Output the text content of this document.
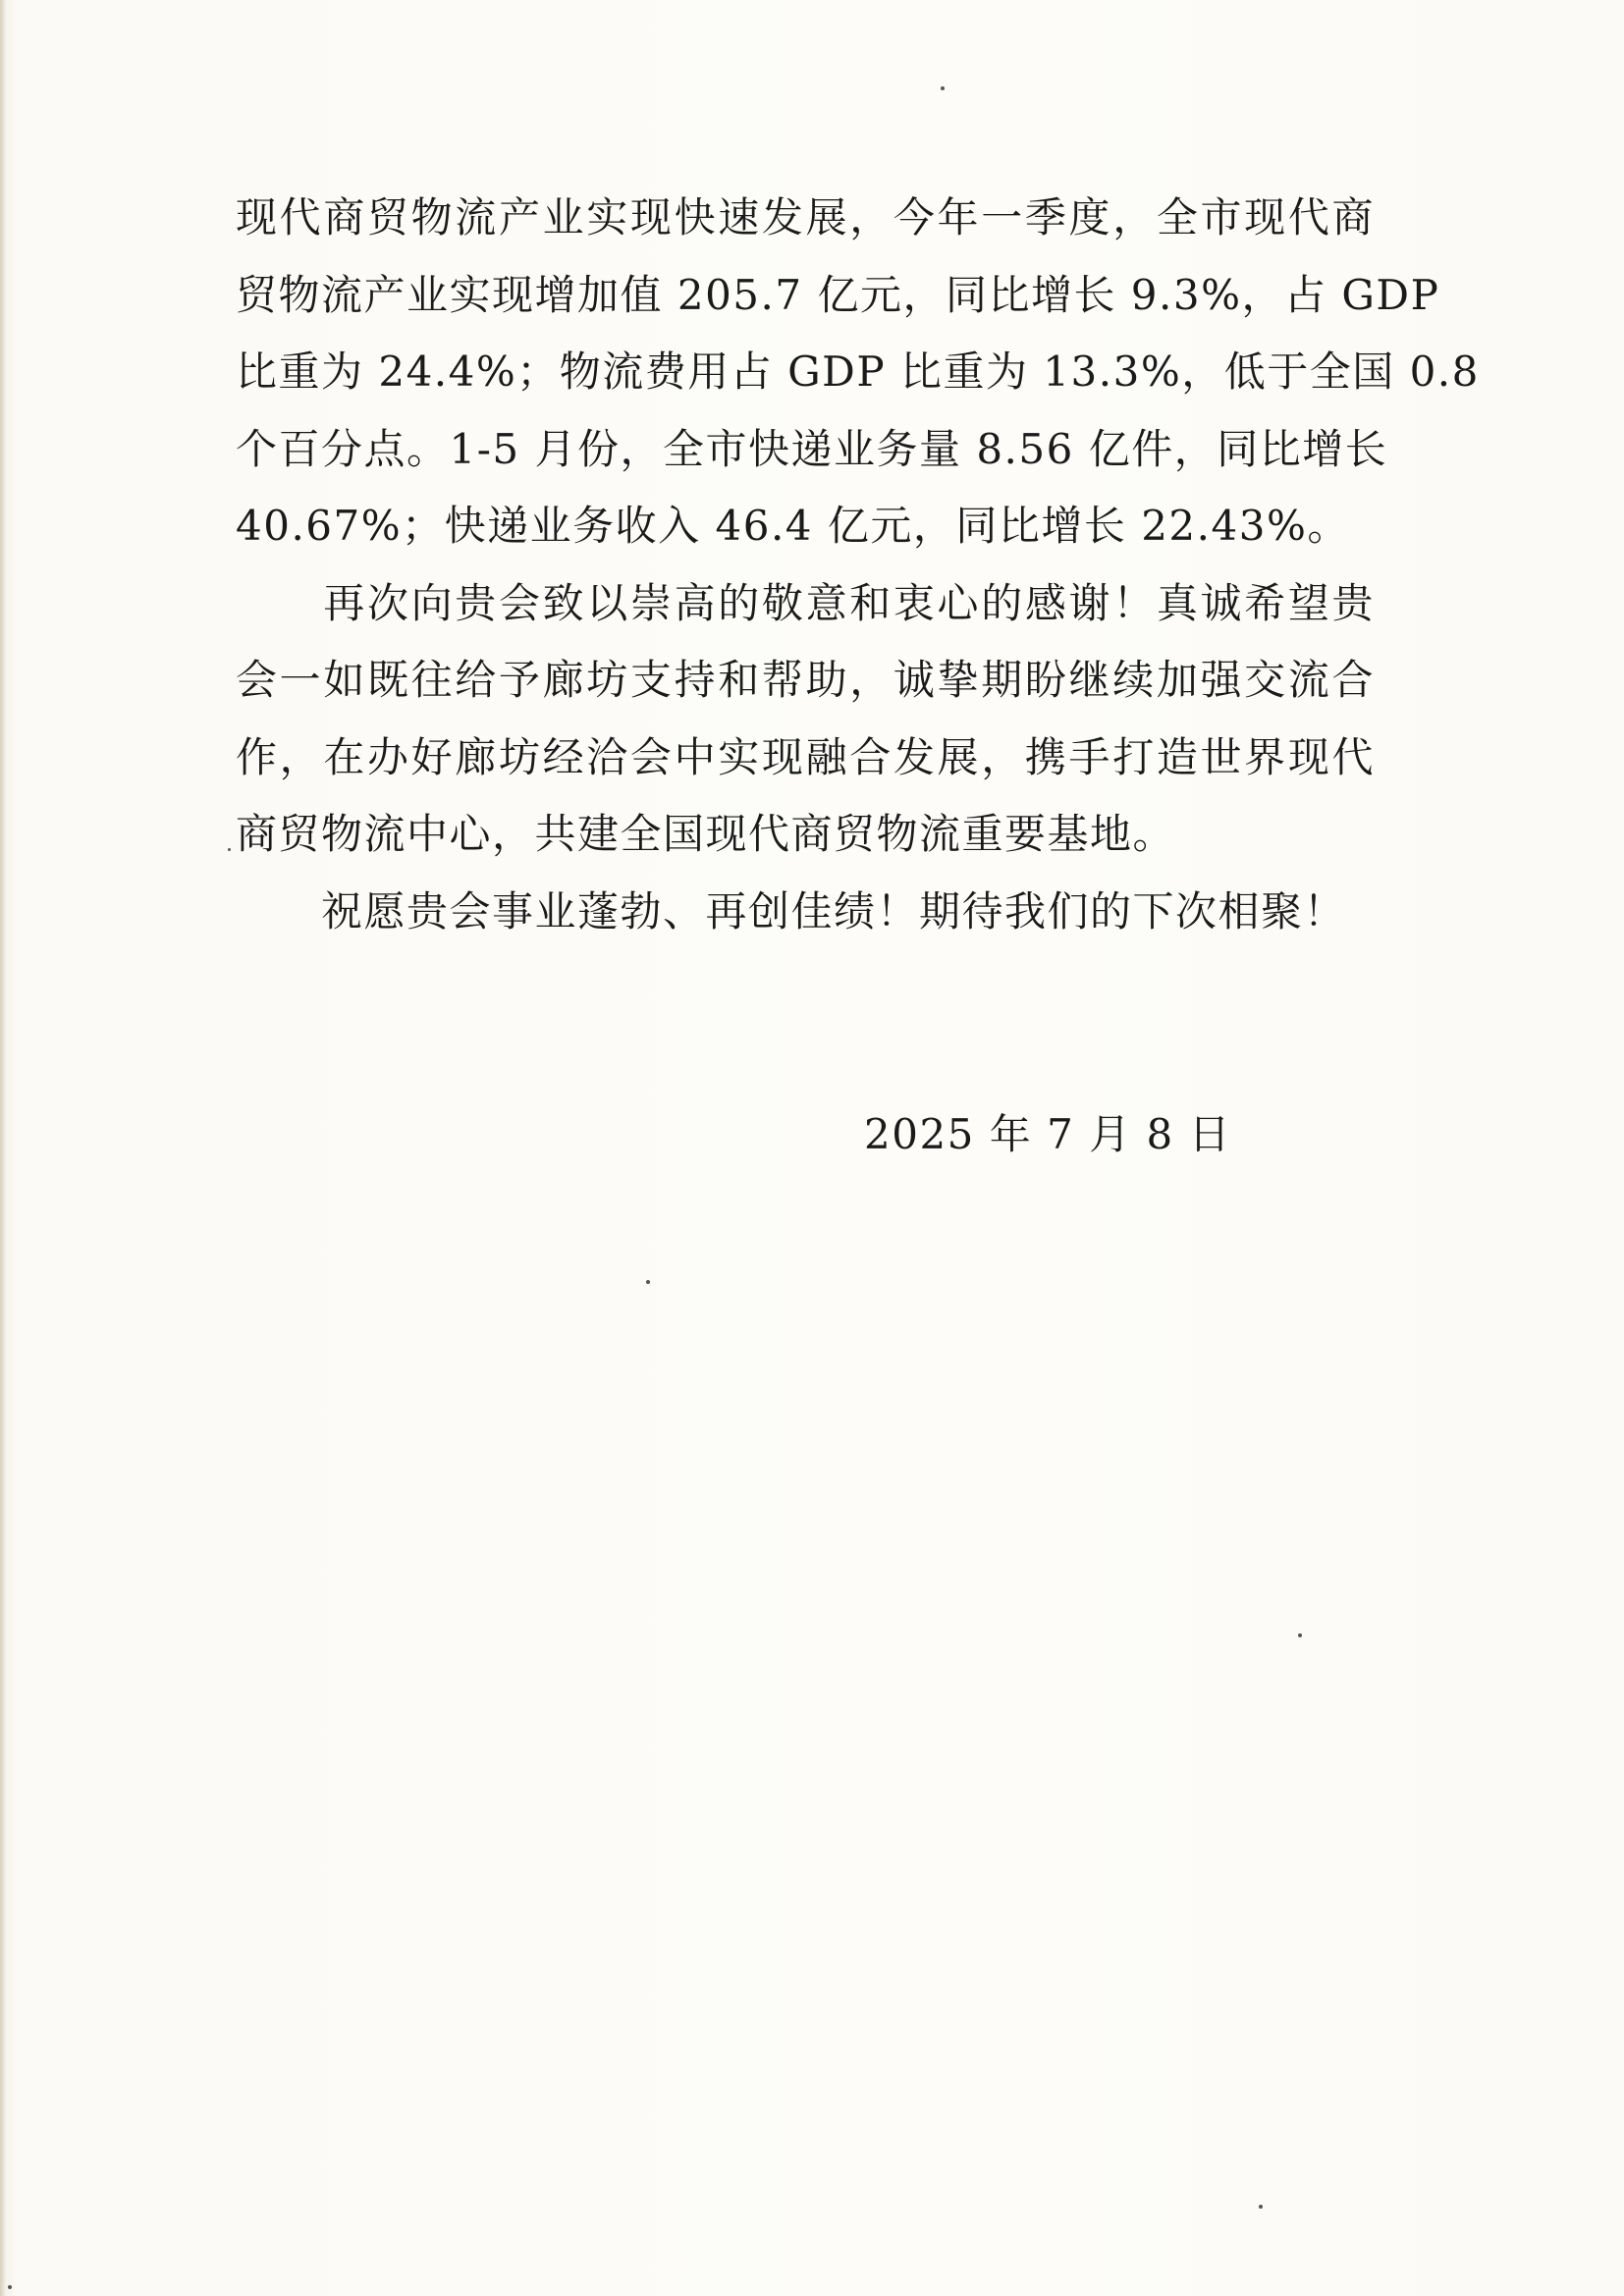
现代商贸物流产业实现快速发展，今年一季度，全市现代商
贸物流产业实现增加值 205.7 亿元，同比增长 9.3%，占 GDP
比重为 24.4%；物流费用占 GDP 比重为 13.3%，低于全国 0.8
个百分点。1-5 月份，全市快递业务量 8.56 亿件，同比增长
40.67%；快递业务收入 46.4 亿元，同比增长 22.43%。
　　再次向贵会致以崇高的敬意和衷心的感谢！真诚希望贵
会一如既往给予廊坊支持和帮助，诚挚期盼继续加强交流合
作，在办好廊坊经洽会中实现融合发展，携手打造世界现代
商贸物流中心，共建全国现代商贸物流重要基地。
　　祝愿贵会事业蓬勃、再创佳绩！期待我们的下次相聚！
2025 年 7 月 8 日
